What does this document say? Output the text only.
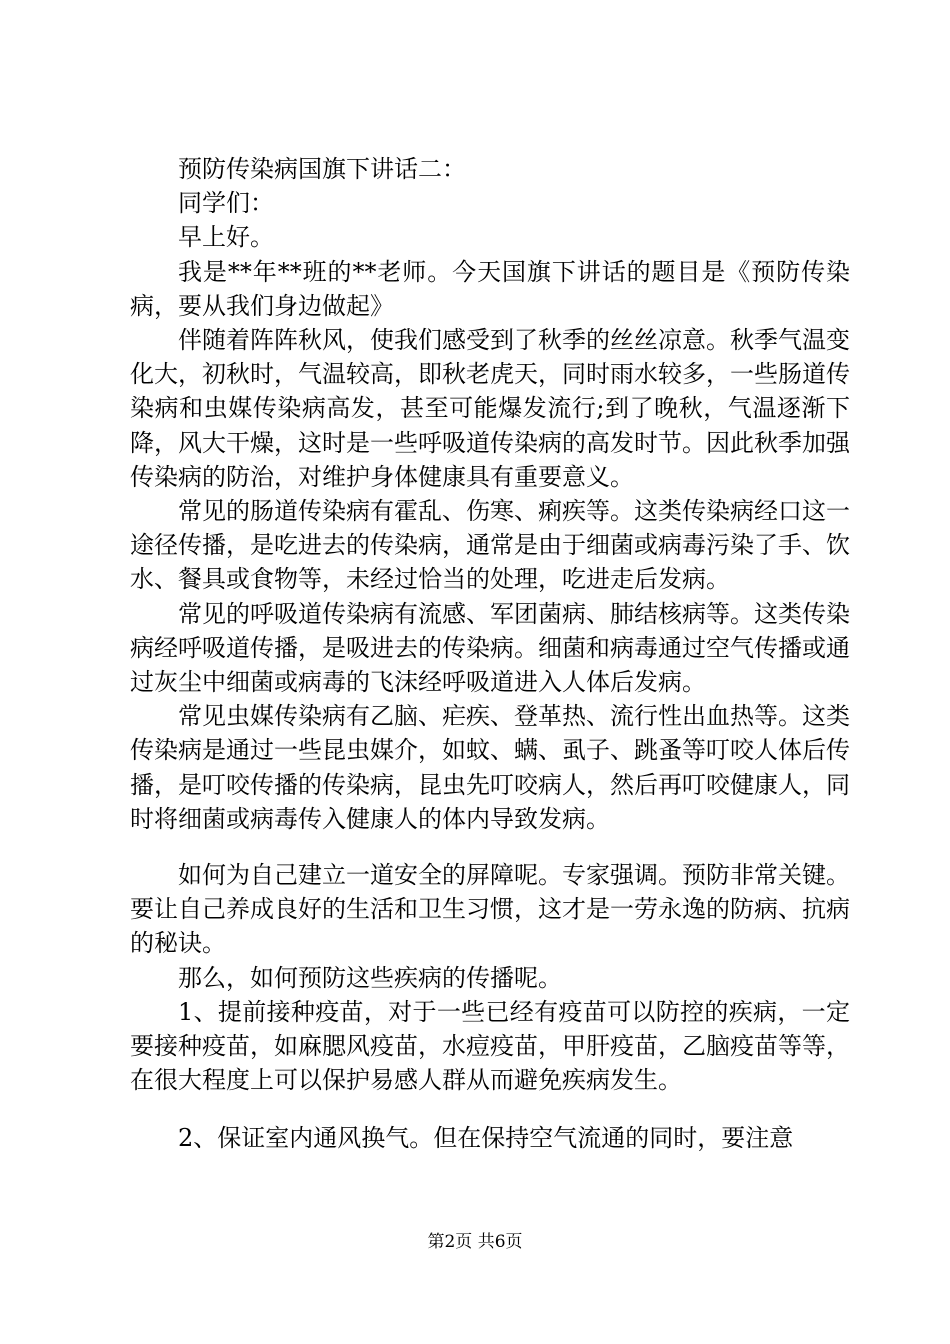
预防传染病国旗下讲话二：

同学们：

早上好。

我是**年**班的**老师。今天国旗下讲话的题目是《预防传染病，要从我们身边做起》

伴随着阵阵秋风，使我们感受到了秋季的丝丝凉意。秋季气温变化大，初秋时，气温较高，即秋老虎天，同时雨水较多，一些肠道传染病和虫媒传染病高发，甚至可能爆发流行;到了晚秋，气温逐渐下降，风大干燥，这时是一些呼吸道传染病的高发时节。因此秋季加强传染病的防治，对维护身体健康具有重要意义。

常见的肠道传染病有霍乱、伤寒、痢疾等。这类传染病经口这一途径传播，是吃进去的传染病，通常是由于细菌或病毒污染了手、饮水、餐具或食物等，未经过恰当的处理，吃进走后发病。

常见的呼吸道传染病有流感、军团菌病、肺结核病等。这类传染病经呼吸道传播，是吸进去的传染病。细菌和病毒通过空气传播或通过灰尘中细菌或病毒的飞沫经呼吸道进入人体后发病。

常见虫媒传染病有乙脑、疟疾、登革热、流行性出血热等。这类传染病是通过一些昆虫媒介，如蚊、螨、虱子、跳蚤等叮咬人体后传播，是叮咬传播的传染病，昆虫先叮咬病人，然后再叮咬健康人，同时将细菌或病毒传入健康人的体内导致发病。

如何为自己建立一道安全的屏障呢。专家强调。预防非常关键。要让自己养成良好的生活和卫生习惯，这才是一劳永逸的防病、抗病的秘诀。

那么，如何预防这些疾病的传播呢。

1、提前接种疫苗，对于一些已经有疫苗可以防控的疾病，一定要接种疫苗，如麻腮风疫苗，水痘疫苗，甲肝疫苗，乙脑疫苗等等，在很大程度上可以保护易感人群从而避免疾病发生。

2、保证室内通风换气。但在保持空气流通的同时，要注意

第2页 共6页
